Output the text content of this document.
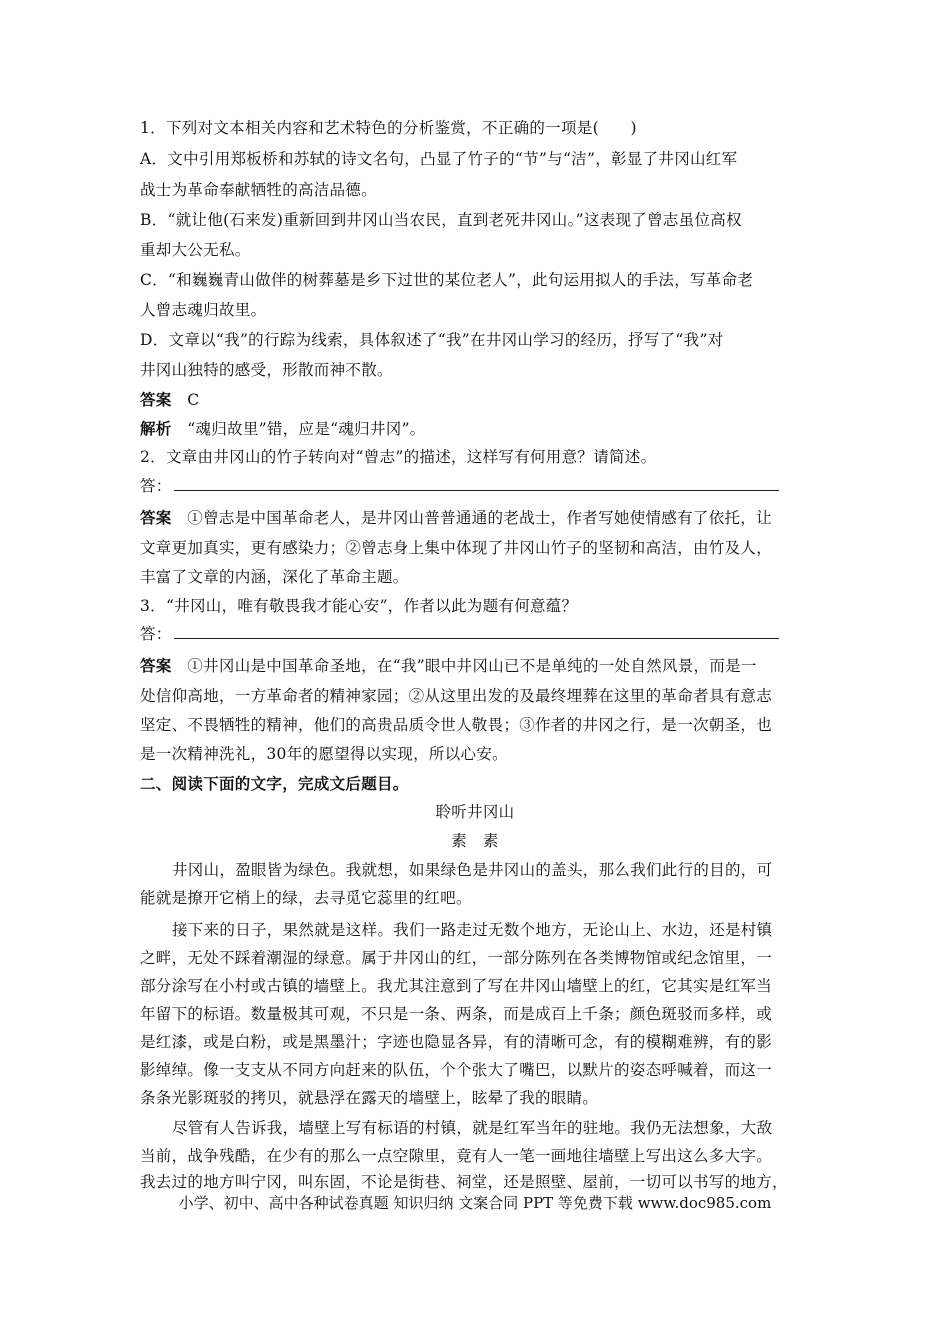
1．下列对文本相关内容和艺术特色的分析鉴赏，不正确的一项是(　　)
A．文中引用郑板桥和苏轼的诗文名句，凸显了竹子的“节”与“洁”，彰显了井冈山红军
战士为革命奉献牺牲的高洁品德。
B．“就让他(石来发)重新回到井冈山当农民，直到老死井冈山。”这表现了曾志虽位高权
重却大公无私。
C．“和巍巍青山做伴的树葬墓是乡下过世的某位老人”，此句运用拟人的手法，写革命老
人曾志魂归故里。
D．文章以“我”的行踪为线索，具体叙述了“我”在井冈山学习的经历，抒写了“我”对
井冈山独特的感受，形散而神不散。
答案 C
解析 “魂归故里”错，应是“魂归井冈”。
2．文章由井冈山的竹子转向对“曾志”的描述，这样写有何用意？请简述。
答：
答案 ①曾志是中国革命老人，是井冈山普普通通的老战士，作者写她使情感有了依托，让
文章更加真实，更有感染力；②曾志身上集中体现了井冈山竹子的坚韧和高洁，由竹及人，
丰富了文章的内涵，深化了革命主题。
3．“井冈山，唯有敬畏我才能心安”，作者以此为题有何意蕴？
答：
答案 ①井冈山是中国革命圣地，在“我”眼中井冈山已不是单纯的一处自然风景，而是一
处信仰高地，一方革命者的精神家园；②从这里出发的及最终埋葬在这里的革命者具有意志
坚定、不畏牺牲的精神，他们的高贵品质令世人敬畏；③作者的井冈之行，是一次朝圣，也
是一次精神洗礼，30年的愿望得以实现，所以心安。
二、阅读下面的文字，完成文后题目。
聆听井冈山
素　素
井冈山，盈眼皆为绿色。我就想，如果绿色是井冈山的盖头，那么我们此行的目的，可
能就是撩开它梢上的绿，去寻觅它蕊里的红吧。
接下来的日子，果然就是这样。我们一路走过无数个地方，无论山上、水边，还是村镇
之畔，无处不踩着潮湿的绿意。属于井冈山的红，一部分陈列在各类博物馆或纪念馆里，一
部分涂写在小村或古镇的墙壁上。我尤其注意到了写在井冈山墙壁上的红，它其实是红军当
年留下的标语。数量极其可观，不只是一条、两条，而是成百上千条；颜色斑驳而多样，或
是红漆，或是白粉，或是黑墨汁；字迹也隐显各异，有的清晰可念，有的模糊难辨，有的影
影绰绰。像一支支从不同方向赶来的队伍，个个张大了嘴巴，以默片的姿态呼喊着，而这一
条条光影斑驳的拷贝，就悬浮在露天的墙壁上，眩晕了我的眼睛。
尽管有人告诉我，墙壁上写有标语的村镇，就是红军当年的驻地。我仍无法想象，大敌
当前，战争残酷，在少有的那么一点空隙里，竟有人一笔一画地往墙壁上写出这么多大字。
我去过的地方叫宁冈，叫东固，不论是街巷、祠堂，还是照壁、屋前，一切可以书写的地方，
小学、初中、高中各种试卷真题 知识归纳 文案合同 PPT 等免费下载 www.doc985.com
